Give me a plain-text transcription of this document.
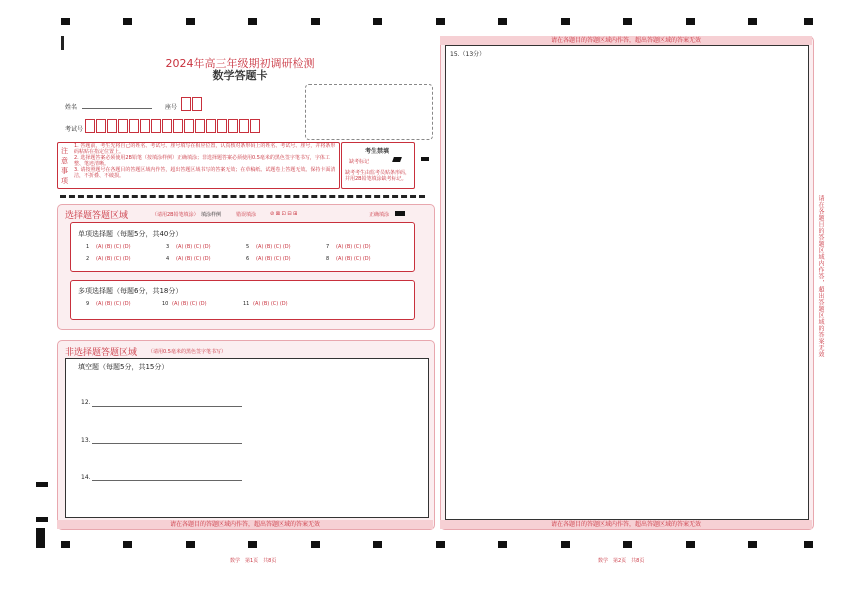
2024年高三年级期初调研检测
数学答题卡
姓名	座号
考试号
注意事项
1. 答题前，考生先将自己的姓名、考试号、座号填写在相应位置，认真核对条形码上的姓名、考试号、座号，并将条形码粘贴在指定位置上。
2. 选择题答案必须使用2B铅笔（按填涂样例）正确填涂；非选择题答案必须使用0.5毫米的黑色签字笔书写，字体工整、笔迹清晰。
3. 请按照题号在各题目的答题区域内作答，超出答题区域书写的答案无效；在草稿纸、试题卷上答题无效。保持卡面清洁，不折叠、不破损。
考生禁填
缺考标记
缺考考生由监考员贴条形码，并用2B铅笔填涂缺考标记。
选择题答题区域	（请用2B铅笔填涂） 填涂样例	错误填涂	⊘ ⊠ ⊡ ⊟ ⊞	正确填涂
单项选择题（每题5分，共40分）
1 (A) (B) (C) (D)
2 (A) (B) (C) (D)
3 (A) (B) (C) (D)
4 (A) (B) (C) (D)
5 (A) (B) (C) (D)
6 (A) (B) (C) (D)
7 (A) (B) (C) (D)
8 (A) (B) (C) (D)
多项选择题（每题6分，共18分）
9 (A) (B) (C) (D)	10 (A) (B) (C) (D)	11 (A) (B) (C) (D)
非选择题答题区域 （请用0.5毫米的黑色签字笔书写）
填空题（每题5分，共15分）
12.
13.
14.
请在各题目的答题区域内作答，超出答题区域的答案无效
请在各题目的答题区域内作答，超出答题区域的答案无效
15.（13分）
请在各题目的答题区域内作答，超出答题区域的答案无效
请在各题目的答题区域内作答，超出答题区域的答案无效
数学　第1页　共8页	数学　第2页　共8页
